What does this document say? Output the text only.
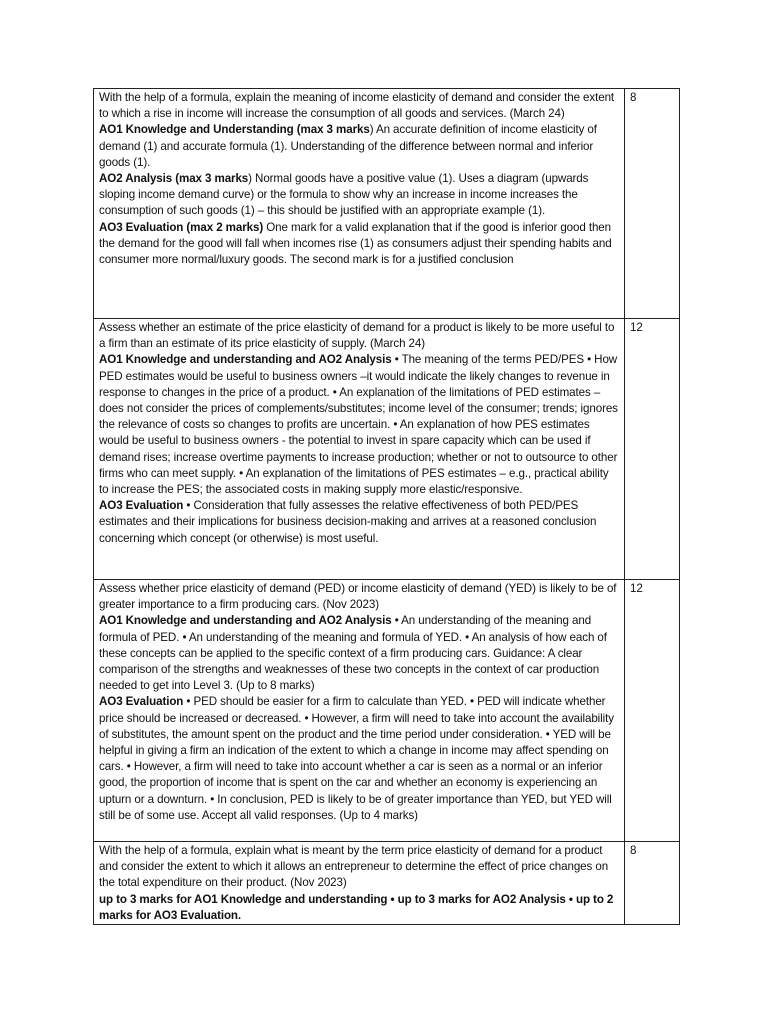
With the help of a formula, explain the meaning of income elasticity of demand and consider the extent to which a rise in income will increase the consumption of all goods and services. (March 24)

AO1 Knowledge and Understanding (max 3 marks) An accurate definition of income elasticity of demand (1) and accurate formula (1). Understanding of the difference between normal and inferior goods (1).

AO2 Analysis (max 3 marks) Normal goods have a positive value (1). Uses a diagram (upwards sloping income demand curve) or the formula to show why an increase in income increases the consumption of such goods (1) – this should be justified with an appropriate example (1).

AO3 Evaluation (max 2 marks) One mark for a valid explanation that if the good is inferior good then the demand for the good will fall when incomes rise (1) as consumers adjust their spending habits and consumer more normal/luxury goods. The second mark is for a justified conclusion	8

Assess whether an estimate of the price elasticity of demand for a product is likely to be more useful to a firm than an estimate of its price elasticity of supply. (March 24)

AO1 Knowledge and understanding and AO2 Analysis • The meaning of the terms PED/PES • How PED estimates would be useful to business owners –it would indicate the likely changes to revenue in response to changes in the price of a product. • An explanation of the limitations of PED estimates – does not consider the prices of complements/substitutes; income level of the consumer; trends; ignores the relevance of costs so changes to profits are uncertain. • An explanation of how PES estimates would be useful to business owners - the potential to invest in spare capacity which can be used if demand rises; increase overtime payments to increase production; whether or not to outsource to other firms who can meet supply. • An explanation of the limitations of PES estimates – e.g., practical ability to increase the PES; the associated costs in making supply more elastic/responsive.

AO3 Evaluation • Consideration that fully assesses the relative effectiveness of both PED/PES estimates and their implications for business decision-making and arrives at a reasoned conclusion concerning which concept (or otherwise) is most useful.	12

Assess whether price elasticity of demand (PED) or income elasticity of demand (YED) is likely to be of greater importance to a firm producing cars. (Nov 2023)

AO1 Knowledge and understanding and AO2 Analysis • An understanding of the meaning and formula of PED. • An understanding of the meaning and formula of YED. • An analysis of how each of these concepts can be applied to the specific context of a firm producing cars. Guidance: A clear comparison of the strengths and weaknesses of these two concepts in the context of car production needed to get into Level 3. (Up to 8 marks)

AO3 Evaluation • PED should be easier for a firm to calculate than YED. • PED will indicate whether price should be increased or decreased. • However, a firm will need to take into account the availability of substitutes, the amount spent on the product and the time period under consideration. • YED will be helpful in giving a firm an indication of the extent to which a change in income may affect spending on cars. • However, a firm will need to take into account whether a car is seen as a normal or an inferior good, the proportion of income that is spent on the car and whether an economy is experiencing an upturn or a downturn. • In conclusion, PED is likely to be of greater importance than YED, but YED will still be of some use. Accept all valid responses. (Up to 4 marks)	12

With the help of a formula, explain what is meant by the term price elasticity of demand for a product and consider the extent to which it allows an entrepreneur to determine the effect of price changes on the total expenditure on their product. (Nov 2023)

up to 3 marks for AO1 Knowledge and understanding • up to 3 marks for AO2 Analysis • up to 2 marks for AO3 Evaluation.	8
